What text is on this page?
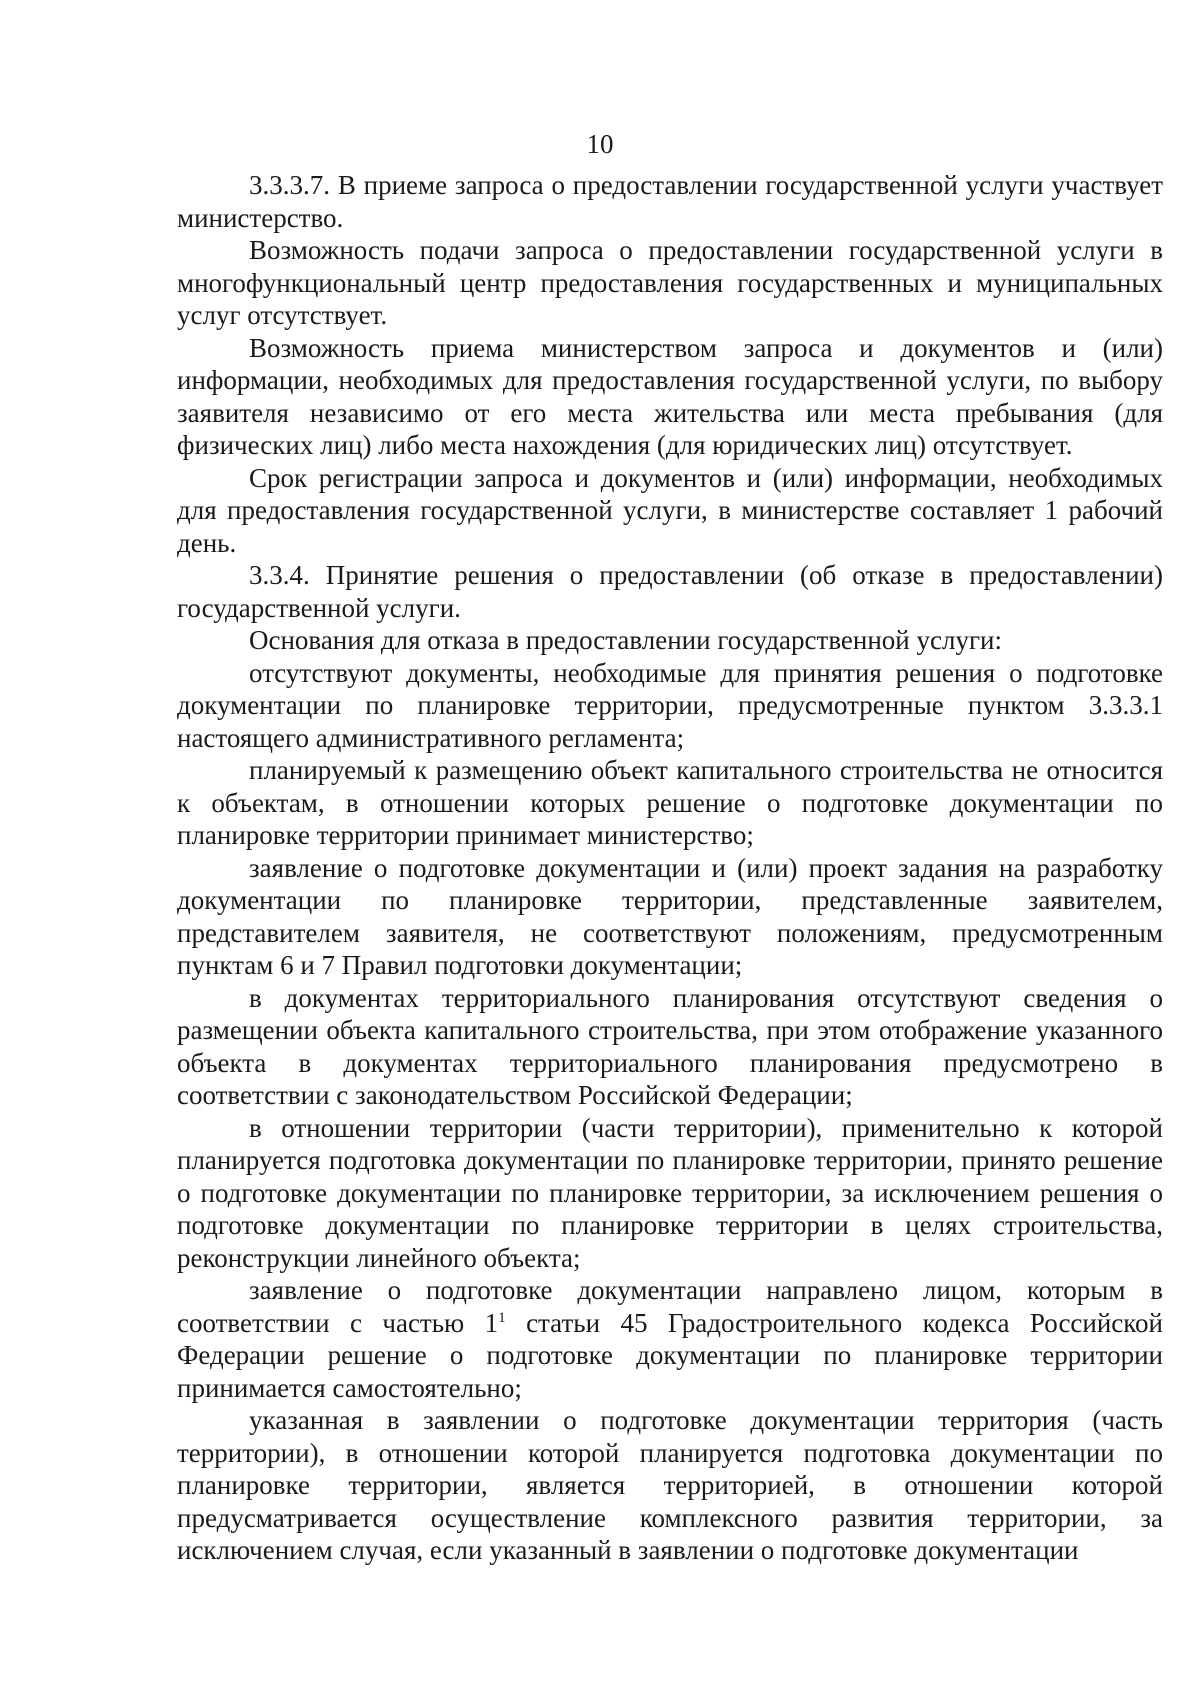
10

3.3.3.7. В приеме запроса о предоставлении государственной услуги участвует министерство.

Возможность подачи запроса о предоставлении государственной услуги в многофункциональный центр предоставления государственных и муниципальных услуг отсутствует.

Возможность приема министерством запроса и документов и (или) информации, необходимых для предоставления государственной услуги, по выбору заявителя независимо от его места жительства или места пребывания (для физических лиц) либо места нахождения (для юридических лиц) отсутствует.

Срок регистрации запроса и документов и (или) информации, необходимых для предоставления государственной услуги, в министерстве составляет 1 рабочий день.

3.3.4. Принятие решения о предоставлении (об отказе в предоставлении) государственной услуги.

Основания для отказа в предоставлении государственной услуги:

отсутствуют документы, необходимые для принятия решения о подготовке документации по планировке территории, предусмотренные пунктом 3.3.3.1 настоящего административного регламента;

планируемый к размещению объект капитального строительства не относится к объектам, в отношении которых решение о подготовке документации по планировке территории принимает министерство;

заявление о подготовке документации и (или) проект задания на разработку документации по планировке территории, представленные заявителем, представителем заявителя, не соответствуют положениям, предусмотренным пунктам 6 и 7 Правил подготовки документации;

в документах территориального планирования отсутствуют сведения о размещении объекта капитального строительства, при этом отображение указанного объекта в документах территориального планирования предусмотрено в соответствии с законодательством Российской Федерации;

в отношении территории (части территории), применительно к которой планируется подготовка документации по планировке территории, принято решение о подготовке документации по планировке территории, за исключением решения о подготовке документации по планировке территории в целях строительства, реконструкции линейного объекта;

заявление о подготовке документации направлено лицом, которым в соответствии с частью $1^1$ статьи 45 Градостроительного кодекса Российской Федерации решение о подготовке документации по планировке территории принимается самостоятельно;

указанная в заявлении о подготовке документации территория (часть территории), в отношении которой планируется подготовка документации по планировке территории, является территорией, в отношении которой предусматривается осуществление комплексного развития территории, за исключением случая, если указанный в заявлении о подготовке документации
